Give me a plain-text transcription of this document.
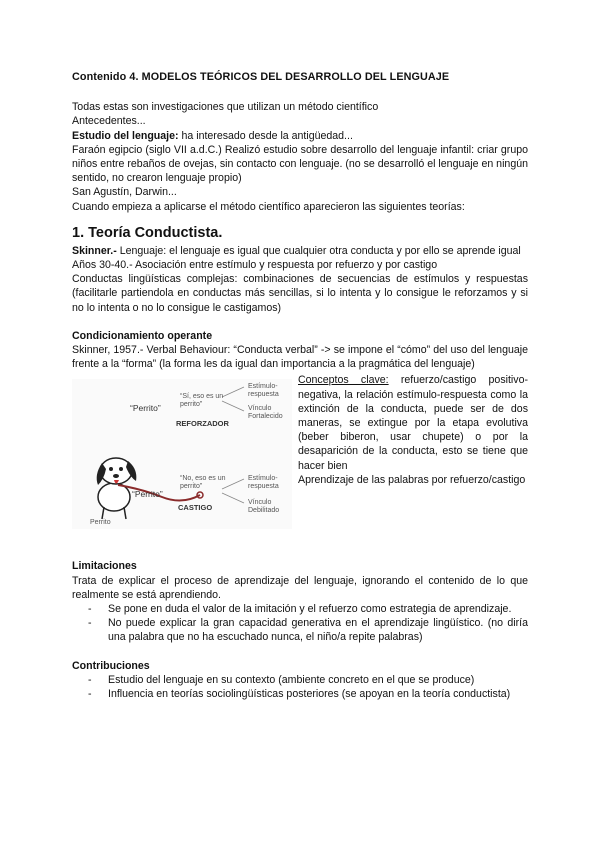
Contenido 4. MODELOS TEÓRICOS DEL DESARROLLO DEL LENGUAJE

Todas estas son investigaciones que utilizan un método científico

Antecedentes...

Estudio del lenguaje: ha interesado desde la antigüedad...

Faraón egipcio (siglo VII a.d.C.) Realizó estudio sobre desarrollo del lenguaje infantil: criar grupo niños entre rebaños de ovejas, sin contacto con lenguaje. (no se desarrolló el lenguaje en ningún sentido, no crearon lenguaje propio)

San Agustín, Darwin...

Cuando empieza a aplicarse el método científico aparecieron las siguientes teorías:

1. Teoría Conductista.

Skinner.- Lenguaje: el lenguaje es igual que cualquier otra conducta y por ello se aprende igual

Años 30-40.- Asociación entre estímulo y respuesta por refuerzo y por castigo

Conductas lingüísticas complejas: combinaciones de secuencias de estímulos y respuestas (facilitarle partiendola en conductas más sencillas, si lo intenta y lo consigue le reforzamos y si no lo intenta o no lo consigue le castigamos)

Condicionamiento operante

Skinner, 1957.- Verbal Behaviour: “Conducta verbal” -> se impone el “cómo” del uso del lenguaje frente a la “forma” (la forma les da igual dan importancia a la pragmática del lenguaje)

“Perrito”
“Sí, eso es un perrito”
REFORZADOR
Estímulo-respuesta
Vínculo Fortalecido
“Perrito”
“No, eso es un perrito”
CASTIGO
Estímulo-respuesta
Vínculo Debilitado
Perrito

Conceptos clave: refuerzo/castigo positivo-negativa, la relación estímulo-respuesta como la extinción de la conducta, puede ser de dos maneras, se extingue por la etapa evolutiva (beber biberon, usar chupete) o por la desaparición de la conducta, esto se tiene que hacer bien

Aprendizaje de las palabras por refuerzo/castigo

Limitaciones

Trata de explicar el proceso de aprendizaje del lenguaje, ignorando el contenido de lo que realmente se está aprendiendo.

- Se pone en duda el valor de la imitación y el refuerzo como estrategia de aprendizaje.
- No puede explicar la gran capacidad generativa en el aprendizaje lingüístico. (no diría una palabra que no ha escuchado nunca, el niño/a repite palabras)

Contribuciones

- Estudio del lenguaje en su contexto (ambiente concreto en el que se produce)
- Influencia en teorías sociolingüísticas posteriores (se apoyan en la teoría conductista)
